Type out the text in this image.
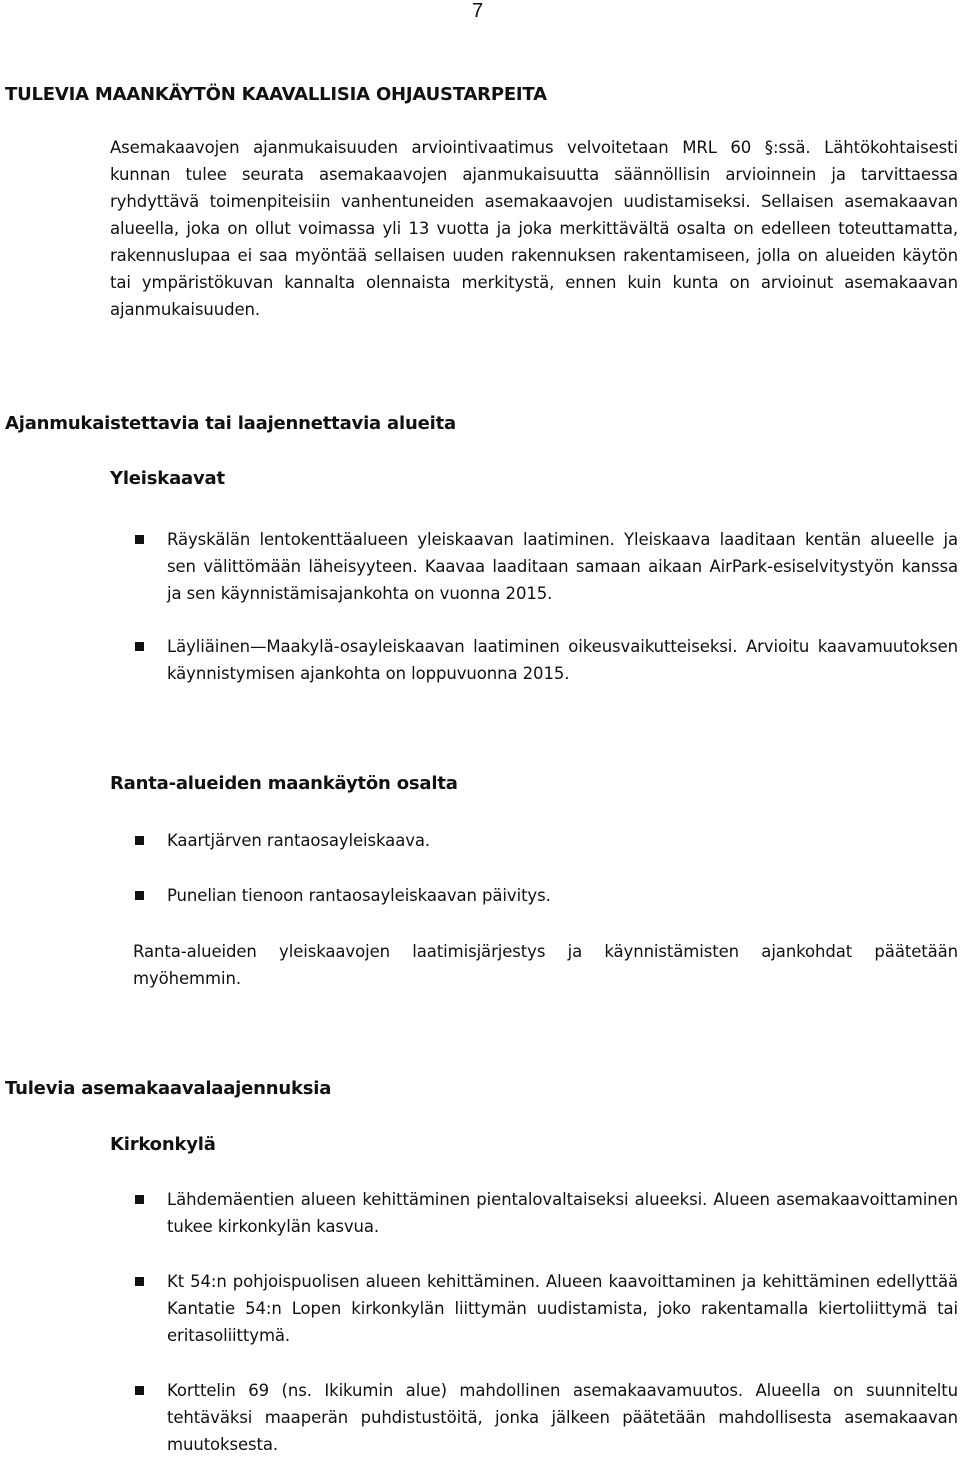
7
TULEVIA MAANKÄYTÖN KAAVALLISIA OHJAUSTARPEITA

Asemakaavojen ajanmukaisuuden arviointivaatimus velvoitetaan MRL 60 §:ssä. Lähtökohtaisesti kunnan tulee seurata asemakaavojen ajanmukaisuutta säännöllisin arvioinnein ja tarvittaessa ryhdyttävä toimenpiteisiin vanhentuneiden asemakaavojen uudistamiseksi. Sellaisen asemakaavan alueella, joka on ollut voimassa yli 13 vuotta ja joka merkittävältä osalta on edelleen toteuttamatta, rakennuslupaa ei saa myöntää sellaisen uuden rakennuksen rakentamiseen, jolla on alueiden käytön tai ympäristökuvan kannalta olennaista merkitystä, ennen kuin kunta on arvioinut asemakaavan ajanmukaisuuden.

Ajanmukaistettavia tai laajennettavia alueita
Yleiskaavat
Räyskälän lentokenttäalueen yleiskaavan laatiminen. Yleiskaava laaditaan kentän alueelle ja sen välittömään läheisyyteen. Kaavaa laaditaan samaan aikaan AirPark-esiselvitystyön kanssa ja sen käynnistämisajankohta on vuonna 2015.
Läyliäinen—Maakylä-osayleiskaavan laatiminen oikeusvaikutteiseksi. Arvioitu kaavamuutoksen käynnistymisen ajankohta on loppuvuonna 2015.
Ranta-alueiden maankäytön osalta
Kaartjärven rantaosayleiskaava.
Punelian tienoon rantaosayleiskaavan päivitys.

Ranta-alueiden yleiskaavojen laatimisjärjestys ja käynnistämisten ajankohdat päätetään myöhemmin.

Tulevia asemakaavalaajennuksia
Kirkonkylä
Lähdemäentien alueen kehittäminen pientalovaltaiseksi alueeksi. Alueen asemakaavoittaminen tukee kirkonkylän kasvua.
Kt 54:n pohjoispuolisen alueen kehittäminen. Alueen kaavoittaminen ja kehittäminen edellyttää Kantatie 54:n Lopen kirkonkylän liittymän uudistamista, joko rakentamalla kiertoliittymä tai eritasoliittymä.
Korttelin 69 (ns. Ikikumin alue) mahdollinen asemakaavamuutos. Alueella on suunniteltu tehtäväksi maaperän puhdistustöitä, jonka jälkeen päätetään mahdollisesta asemakaavan muutoksesta.
